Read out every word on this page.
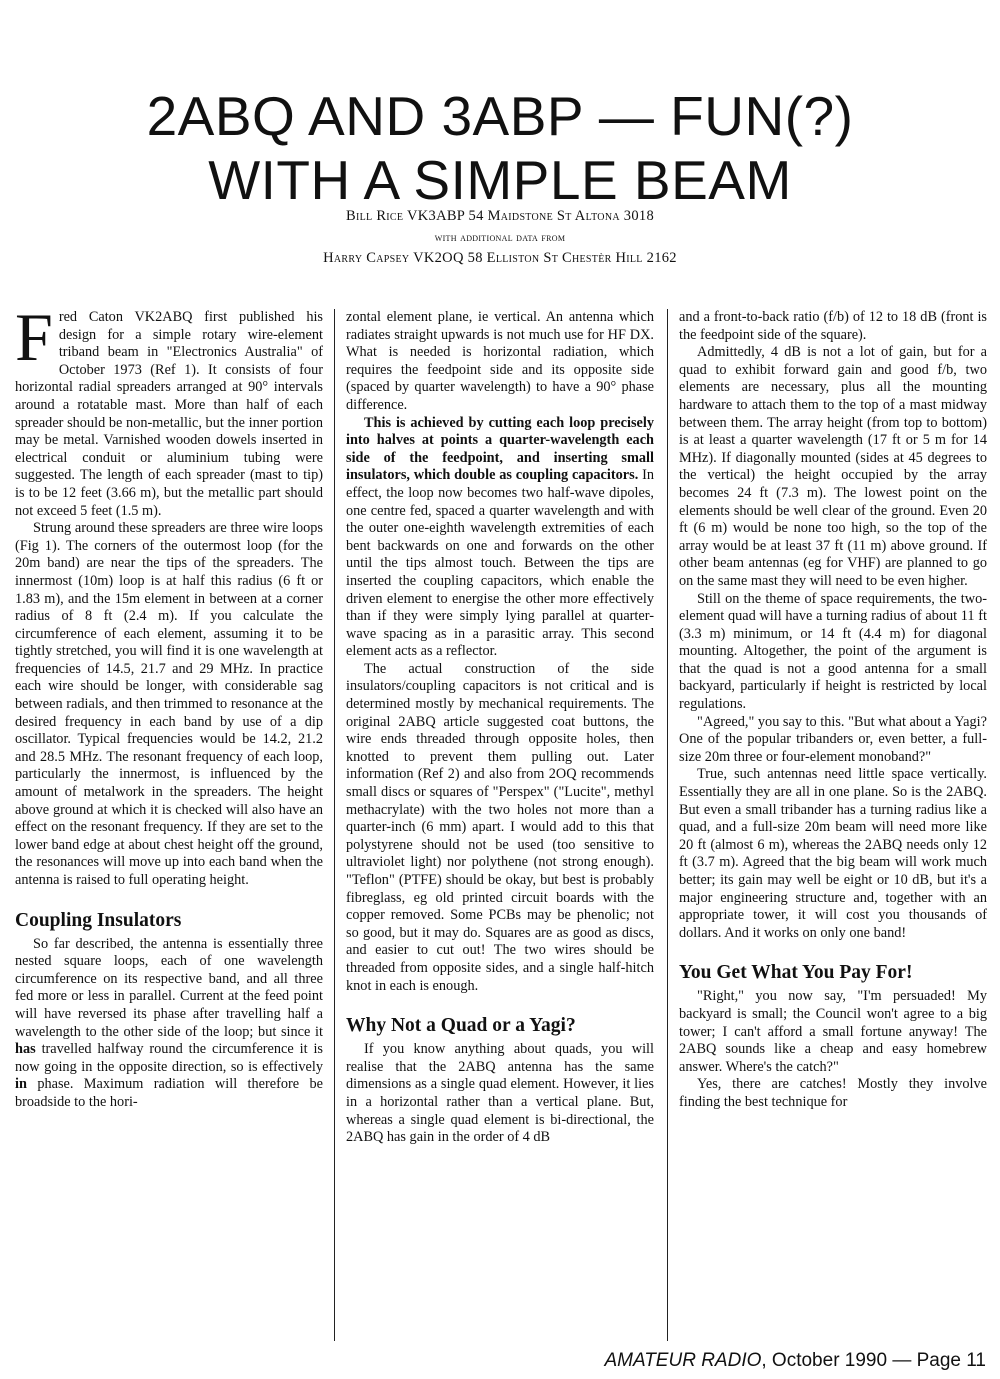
2ABQ AND 3ABP — FUN(?)
WITH A SIMPLE BEAM
Bill Rice VK3ABP 54 Maidstone St Altona 3018
with additional data from
Harry Capsey VK2OQ 58 Elliston St Chestèr Hill 2162

Fred Caton VK2ABQ first published his design for a simple rotary wire-element triband beam in "Electronics Australia" of October 1973 (Ref 1). It consists of four horizontal radial spreaders arranged at 90° intervals around a rotatable mast. More than half of each spreader should be non-metallic, but the inner portion may be metal. Varnished wooden dowels inserted in electrical conduit or aluminium tubing were suggested. The length of each spreader (mast to tip) is to be 12 feet (3.66 m), but the metallic part should not exceed 5 feet (1.5 m).

Strung around these spreaders are three wire loops (Fig 1). The corners of the outermost loop (for the 20m band) are near the tips of the spreaders. The innermost (10m) loop is at half this radius (6 ft or 1.83 m), and the 15m element in between at a corner radius of 8 ft (2.4 m). If you calculate the circumference of each element, assuming it to be tightly stretched, you will find it is one wavelength at frequencies of 14.5, 21.7 and 29 MHz. In practice each wire should be longer, with considerable sag between radials, and then trimmed to resonance at the desired frequency in each band by use of a dip oscillator. Typical frequencies would be 14.2, 21.2 and 28.5 MHz. The resonant frequency of each loop, particularly the innermost, is influenced by the amount of metalwork in the spreaders. The height above ground at which it is checked will also have an effect on the resonant frequency. If they are set to the lower band edge at about chest height off the ground, the resonances will move up into each band when the antenna is raised to full operating height.

Coupling Insulators

So far described, the antenna is essentially three nested square loops, each of one wavelength circumference on its respective band, and all three fed more or less in parallel. Current at the feed point will have reversed its phase after travelling half a wavelength to the other side of the loop; but since it has travelled halfway round the circumference it is now going in the opposite direction, so is effectively in phase. Maximum radiation will therefore be broadside to the hori-

zontal element plane, ie vertical. An antenna which radiates straight upwards is not much use for HF DX. What is needed is horizontal radiation, which requires the feedpoint side and its opposite side (spaced by quarter wavelength) to have a 90° phase difference.

This is achieved by cutting each loop precisely into halves at points a quarter-wavelength each side of the feedpoint, and inserting small insulators, which double as coupling capacitors. In effect, the loop now becomes two half-wave dipoles, one centre fed, spaced a quarter wavelength and with the outer one-eighth wavelength extremities of each bent backwards on one and forwards on the other until the tips almost touch. Between the tips are inserted the coupling capacitors, which enable the driven element to energise the other more effectively than if they were simply lying parallel at quarter-wave spacing as in a parasitic array. This second element acts as a reflector.

The actual construction of the side insulators/coupling capacitors is not critical and is determined mostly by mechanical requirements. The original 2ABQ article suggested coat buttons, the wire ends threaded through opposite holes, then knotted to prevent them pulling out. Later information (Ref 2) and also from 2OQ recommends small discs or squares of "Perspex" ("Lucite", methyl methacrylate) with the two holes not more than a quarter-inch (6 mm) apart. I would add to this that polystyrene should not be used (too sensitive to ultraviolet light) nor polythene (not strong enough). "Teflon" (PTFE) should be okay, but best is probably fibreglass, eg old printed circuit boards with the copper removed. Some PCBs may be phenolic; not so good, but it may do. Squares are as good as discs, and easier to cut out! The two wires should be threaded from opposite sides, and a single half-hitch knot in each is enough.

Why Not a Quad or a Yagi?

If you know anything about quads, you will realise that the 2ABQ antenna has the same dimensions as a single quad element. However, it lies in a horizontal rather than a vertical plane. But, whereas a single quad element is bi-directional, the 2ABQ has gain in the order of 4 dB

and a front-to-back ratio (f/b) of 12 to 18 dB (front is the feedpoint side of the square).

Admittedly, 4 dB is not a lot of gain, but for a quad to exhibit forward gain and good f/b, two elements are necessary, plus all the mounting hardware to attach them to the top of a mast midway between them. The array height (from top to bottom) is at least a quarter wavelength (17 ft or 5 m for 14 MHz). If diagonally mounted (sides at 45 degrees to the vertical) the height occupied by the array becomes 24 ft (7.3 m). The lowest point on the elements should be well clear of the ground. Even 20 ft (6 m) would be none too high, so the top of the array would be at least 37 ft (11 m) above ground. If other beam antennas (eg for VHF) are planned to go on the same mast they will need to be even higher.

Still on the theme of space requirements, the two-element quad will have a turning radius of about 11 ft (3.3 m) minimum, or 14 ft (4.4 m) for diagonal mounting. Altogether, the point of the argument is that the quad is not a good antenna for a small backyard, particularly if height is restricted by local regulations.

"Agreed," you say to this. "But what about a Yagi? One of the popular tribanders or, even better, a full-size 20m three or four-element monoband?"

True, such antennas need little space vertically. Essentially they are all in one plane. So is the 2ABQ. But even a small tribander has a turning radius like a quad, and a full-size 20m beam will need more like 20 ft (almost 6 m), whereas the 2ABQ needs only 12 ft (3.7 m). Agreed that the big beam will work much better; its gain may well be eight or 10 dB, but it's a major engineering structure and, together with an appropriate tower, it will cost you thousands of dollars. And it works on only one band!

You Get What You Pay For!

"Right," you now say, "I'm persuaded! My backyard is small; the Council won't agree to a big tower; I can't afford a small fortune anyway! The 2ABQ sounds like a cheap and easy homebrew answer. Where's the catch?"

Yes, there are catches! Mostly they involve finding the best technique for

AMATEUR RADIO, October 1990 — Page 11
